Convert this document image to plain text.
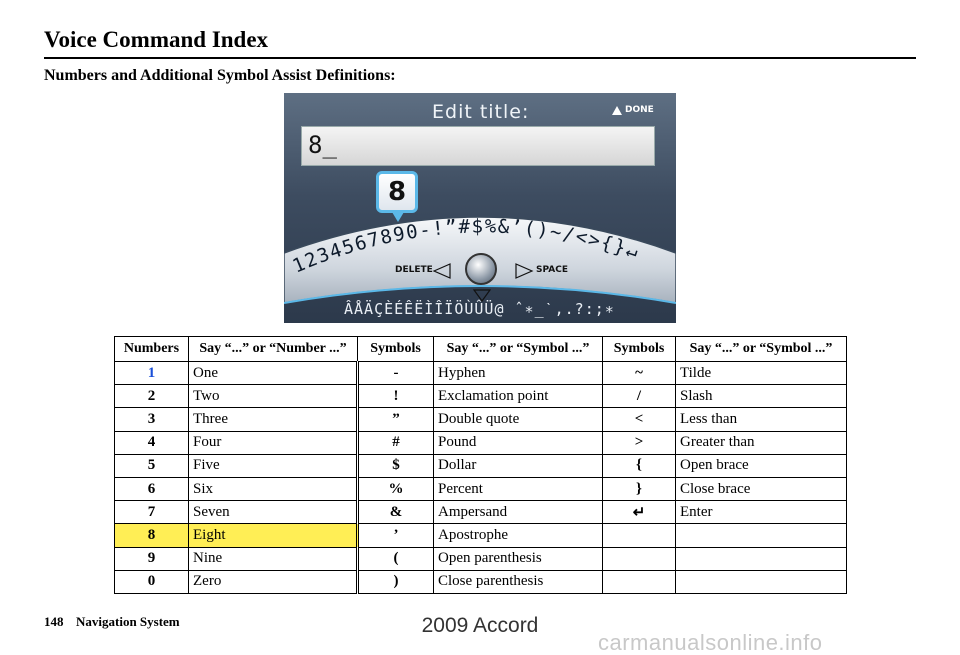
Voice Command Index
Numbers and Additional Symbol Assist Definitions:
Edit title:	DONE
8_
1234567890-!”#$%&’()~/<>{}↵
DELETE	SPACE
8
ÂÅÄÇÈÉÊËÌÎÏÖÙÛÜ@ ˆ∗_ˋ,.?:;∗
Numbers	Say “...” or “Number ...”	Symbols	Say “...” or “Symbol ...”	Symbols	Say “...” or “Symbol ...”
1	One	-	Hyphen	~	Tilde
2	Two	!	Exclamation point	/	Slash
3	Three	”	Double quote	<	Less than
4	Four	#	Pound	>	Greater than
5	Five	$	Dollar	{	Open brace
6	Six	%	Percent	}	Close brace
7	Seven	&	Ampersand	↵	Enter
8	Eight	’	Apostrophe		
9	Nine	(	Open parenthesis		
0	Zero	)	Close parenthesis		
148 Navigation System	2009 Accord
carmanualsonline.info
